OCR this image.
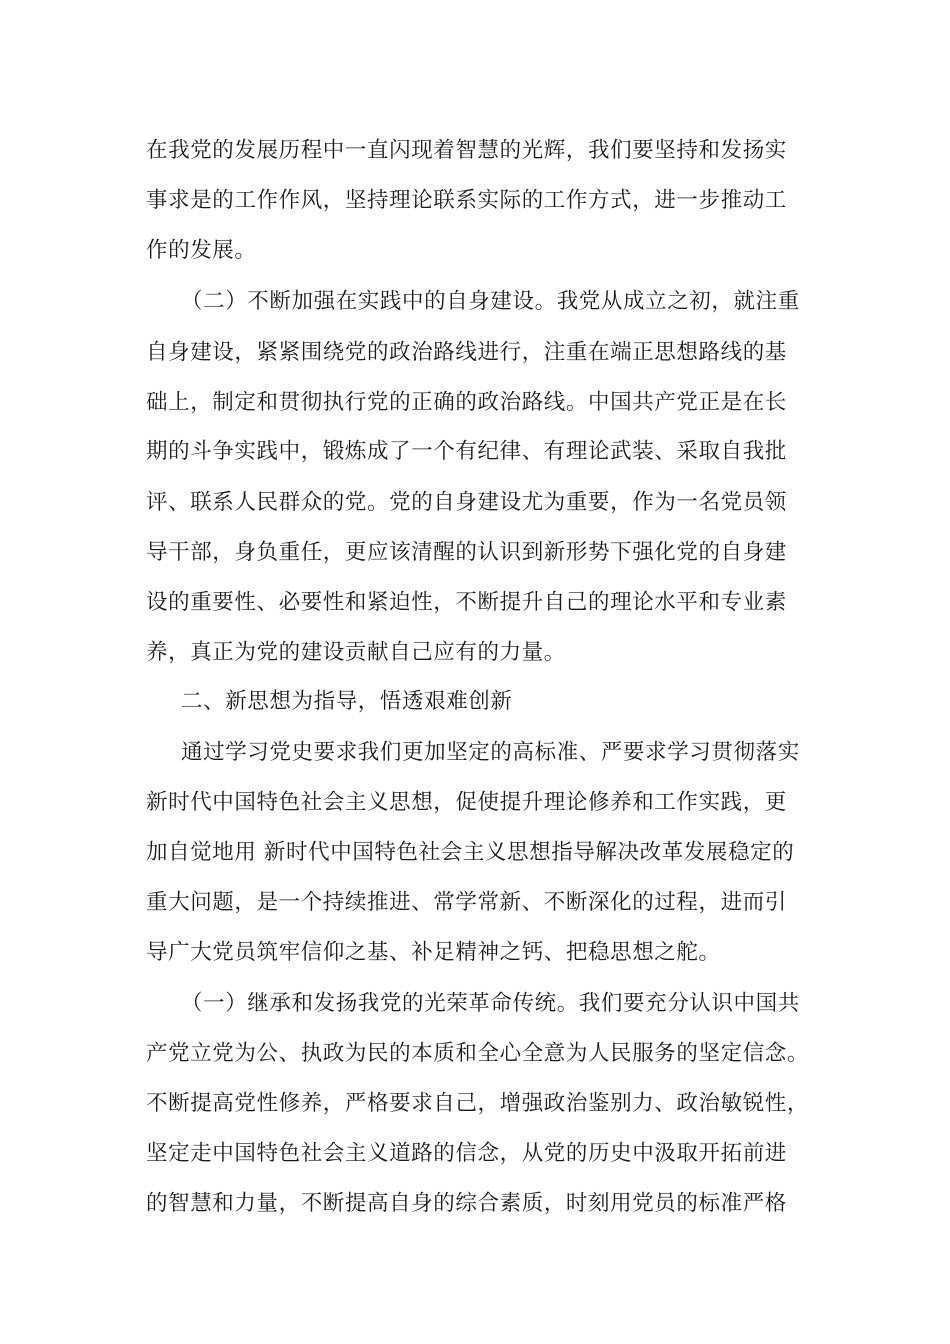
在我党的发展历程中一直闪现着智慧的光辉，我们要坚持和发扬实

事求是的工作作风，坚持理论联系实际的工作方式，进一步推动工

作的发展。

（二）不断加强在实践中的自身建设。我党从成立之初，就注重

自身建设，紧紧围绕党的政治路线进行，注重在端正思想路线的基

础上，制定和贯彻执行党的正确的政治路线。中国共产党正是在长

期的斗争实践中，锻炼成了一个有纪律、有理论武装、采取自我批

评、联系人民群众的党。党的自身建设尤为重要，作为一名党员领

导干部，身负重任，更应该清醒的认识到新形势下强化党的自身建

设的重要性、必要性和紧迫性，不断提升自己的理论水平和专业素

养，真正为党的建设贡献自己应有的力量。

二、新思想为指导，悟透艰难创新

通过学习党史要求我们更加坚定的高标准、严要求学习贯彻落实

新时代中国特色社会主义思想，促使提升理论修养和工作实践，更

加自觉地用 新时代中国特色社会主义思想指导解决改革发展稳定的

重大问题，是一个持续推进、常学常新、不断深化的过程，进而引

导广大党员筑牢信仰之基、补足精神之钙、把稳思想之舵。

（一）继承和发扬我党的光荣革命传统。我们要充分认识中国共

产党立党为公、执政为民的本质和全心全意为人民服务的坚定信念。

不断提高党性修养，严格要求自己，增强政治鉴别力、政治敏锐性，

坚定走中国特色社会主义道路的信念，从党的历史中汲取开拓前进

的智慧和力量，不断提高自身的综合素质，时刻用党员的标准严格
